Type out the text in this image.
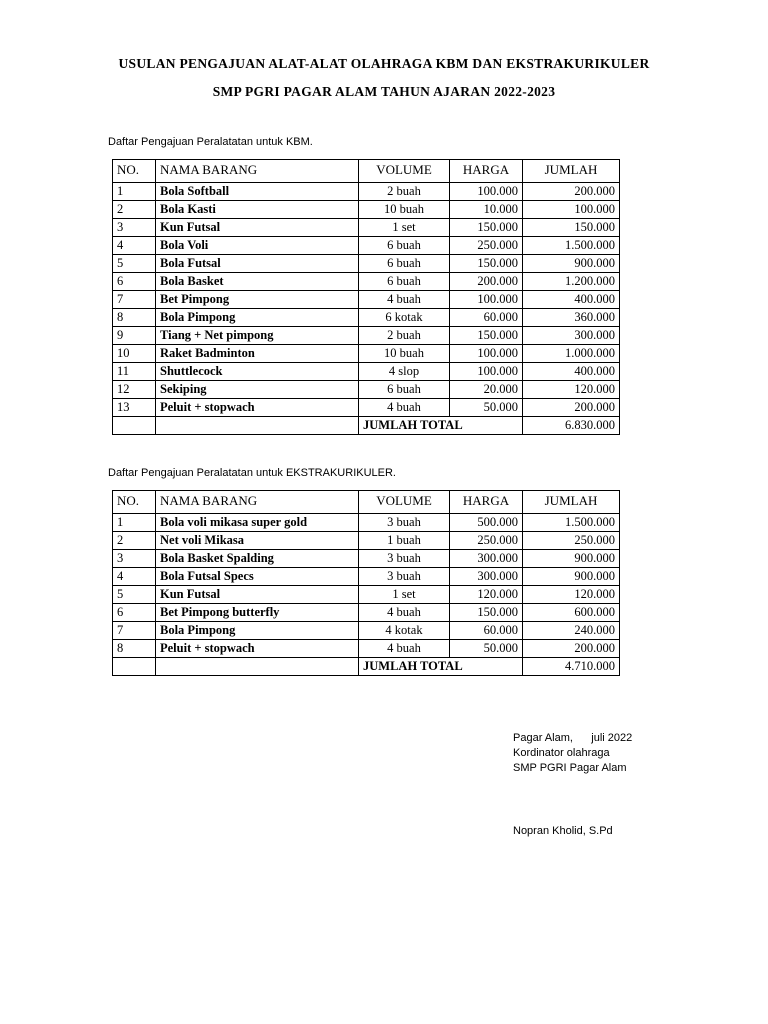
USULAN PENGAJUAN ALAT-ALAT OLAHRAGA KBM DAN EKSTRAKURIKULER
SMP PGRI PAGAR ALAM TAHUN AJARAN 2022-2023
Daftar Pengajuan Peralatatan untuk KBM.
NO.	NAMA BARANG	VOLUME	HARGA	JUMLAH
1	Bola Softball	2 buah	100.000	200.000
2	Bola Kasti	10 buah	10.000	100.000
3	Kun Futsal	1 set	150.000	150.000
4	Bola Voli	6 buah	250.000	1.500.000
5	Bola Futsal	6 buah	150.000	900.000
6	Bola Basket	6 buah	200.000	1.200.000
7	Bet Pimpong	4 buah	100.000	400.000
8	Bola Pimpong	6 kotak	60.000	360.000
9	Tiang + Net pimpong	2 buah	150.000	300.000
10	Raket Badminton	10 buah	100.000	1.000.000
11	Shuttlecock	4 slop	100.000	400.000
12	Sekiping	6 buah	20.000	120.000
13	Peluit + stopwach	4 buah	50.000	200.000
		JUMLAH TOTAL		6.830.000
Daftar Pengajuan Peralatatan untuk EKSTRAKURIKULER.
NO.	NAMA BARANG	VOLUME	HARGA	JUMLAH
1	Bola voli mikasa super gold	3 buah	500.000	1.500.000
2	Net voli Mikasa	1 buah	250.000	250.000
3	Bola Basket Spalding	3 buah	300.000	900.000
4	Bola Futsal Specs	3 buah	300.000	900.000
5	Kun Futsal	1 set	120.000	120.000
6	Bet Pimpong butterfly	4 buah	150.000	600.000
7	Bola Pimpong	4 kotak	60.000	240.000
8	Peluit + stopwach	4 buah	50.000	200.000
		JUMLAH TOTAL		4.710.000
Pagar Alam,      juli 2022
Kordinator olahraga
SMP PGRI Pagar Alam
Nopran Kholid, S.Pd
